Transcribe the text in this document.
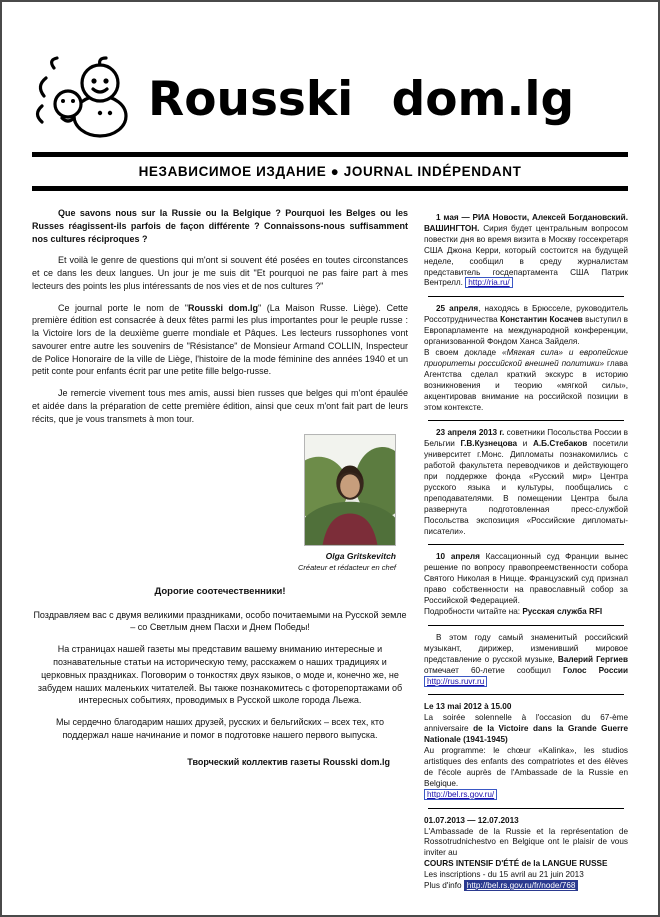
Rousski dom.lg
НЕЗАВИСИМОЕ ИЗДАНИЕ ● JOURNAL INDÉPENDANT

Que savons nous sur la Russie ou la Belgique ? Pourquoi les Belges ou les Russes réagissent-ils parfois de façon différente ? Connaissons-nous suffisamment nos cultures réciproques ?

Et voilà le genre de questions qui m'ont si souvent été posées en toutes circonstances et ce dans les deux langues. Un jour je me suis dit "Et pourquoi ne pas faire part à mes lecteurs des points les plus intéressants de nos vies et de nos cultures ?"

Ce journal porte le nom de "Rousski dom.lg" (La Maison Russe. Liège). Cette première édition est consacrée à deux fêtes parmi les plus importantes pour le peuple russe : la Victoire lors de la deuxième guerre mondiale et Pâques. Les lecteurs russophones vont savourer entre autre les souvenirs de "Résistance" de Monsieur Armand COLLIN, Inspecteur de Police Honoraire de la ville de Liège, l'histoire de la mode féminine des années 1940 et un petit conte pour enfants écrit par une petite fille belgo-russe.

Je remercie vivement tous mes amis, aussi bien russes que belges qui m'ont épaulée et aidée dans la préparation de cette première édition, ainsi que ceux m'ont fait part de leurs récits, que je vous transmets à mon tour.

Olga Gritskevitch
Créateur et rédacteur en chef
Дорогие соотечественники!

Поздравляем вас с двумя великими праздниками, особо почитаемыми на Русской земле – со Светлым днем Пасхи и Днем Победы!

На страницах нашей газеты мы представим вашему вниманию интересные и познавательные статьи на историческую тему, расскажем о наших традициях и церковных праздниках. Поговорим о тонкостях двух языков, о моде и, конечно же, не забудем наших маленьких читателей. Вы также познакомитесь с фоторепортажами об интересных событиях, проводимых в Русской школе города Льежа.

Мы сердечно благодарим наших друзей, русских и бельгийских – всех тех, кто поддержал наше начинание и помог в подготовке нашего первого выпуска.

Творческий коллектив газеты Rousski dom.lg

1 мая — РИА Новости, Алексей Богдановский. ВАШИНГТОН. Сирия будет центральным вопросом повестки дня во время визита в Москву госсекретаря США Джона Керри, который состоится на будущей неделе, сообщил в среду журналистам представитель госдепартамента США Патрик Вентрелл. http://ria.ru/

25 апреля, находясь в Брюсселе, руководитель Россотрудничества Константин Косачев выступил в Европарламенте на международной конференции, организованной Фондом Ханса Зайделя.
В своем докладе «Мягкая сила» и европейские приоритеты российской внешней политики» глава Агентства сделал краткий экскурс в историю возникновения и теорию «мягкой силы», акцентировав внимание на российской позиции в этом контексте.

23 апреля 2013 г. советники Посольства России в Бельгии Г.В.Кузнецова и А.Б.Стебаков посетили университет г.Монс. Дипломаты познакомились с работой факультета переводчиков и действующего при поддержке фонда «Русский мир» Центра русского языка и культуры, пообщались с преподавателями. В помещении Центра была развернута подготовленная пресс-службой Посольства экспозиция «Российские дипломаты-писатели».

10 апреля Кассационный суд Франции вынес решение по вопросу правопреемственности собора Святого Николая в Ницце. Французский суд признал право собственности на православный собор за Российской Федерацией.
Подробности читайте на: Русская служба RFI

В этом году самый знаменитый российский музыкант, дирижер, изменивший мировое представление о русской музыке, Валерий Гергиев отмечает 60-летие сообщил Голос России http://rus.ruvr.ru

Le 13 mai 2012 à 15.00
La soirée solennelle à l'occasion du 67-ème anniversaire de la Victoire dans la Grande Guerre Nationale (1941-1945)
Au programme: le chœur «Kalinka», les studios artistiques des enfants des compatriotes et des élèves de l'école auprès de l'Ambassade de la Russie en Belgique.
http://bel.rs.gov.ru/

01.07.2013 — 12.07.2013
L'Ambassade de la Russie et la représentation de Rossotrudnichestvo en Belgique ont le plaisir de vous inviter au
COURS INTENSIF D'ÉTÉ de la LANGUE RUSSE
Les inscriptions - du 15 avril au 21 juin 2013
Plus d'info http://bel.rs.gov.ru/fr/node/768
